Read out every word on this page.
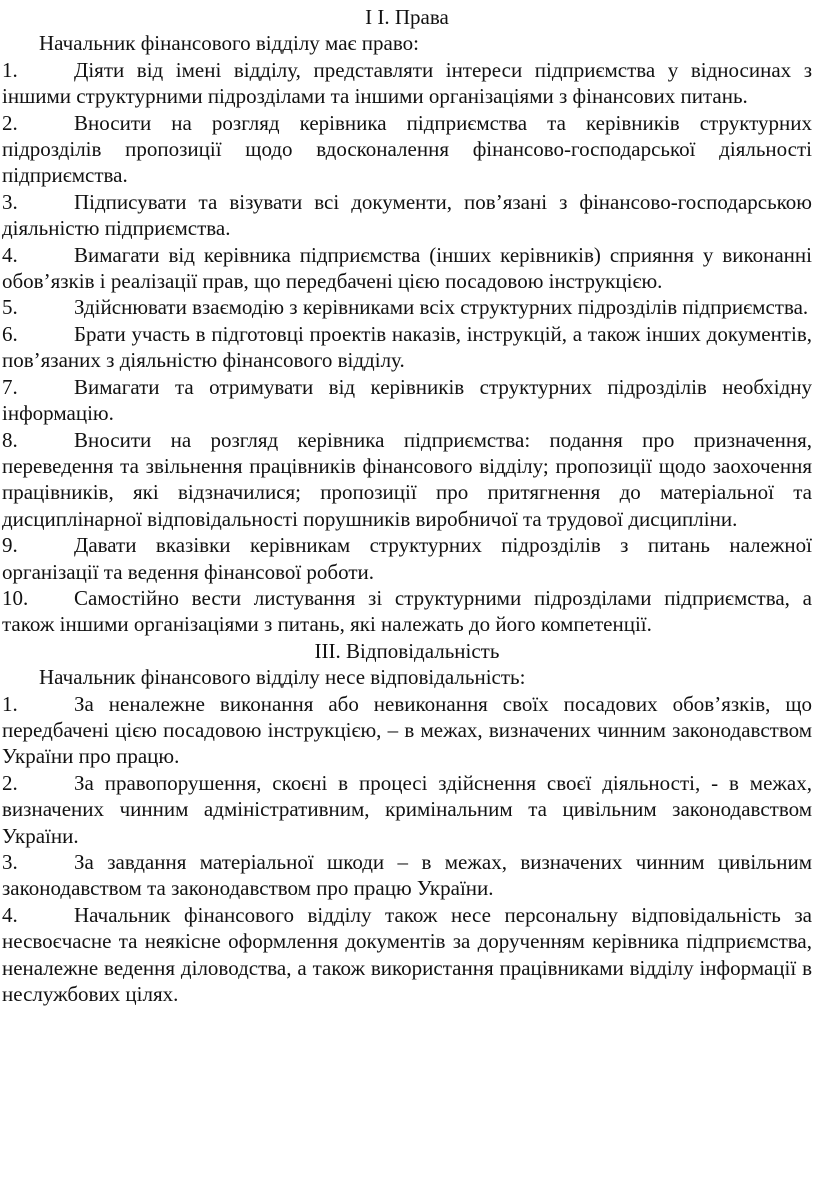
I I. Права

Начальник фінансового відділу має право:

1.	Діяти від імені відділу, представляти інтереси підприємства у відносинах з іншими структурними підрозділами та іншими організаціями з фінансових питань.

2.	Вносити на розгляд керівника підприємства та керівників структурних підрозділів пропозиції щодо вдосконалення фінансово-господарської діяльності підприємства.

3.	Підписувати та візувати всі документи, пов’язані з фінансово-господарською діяльністю підприємства.

4.	Вимагати від керівника підприємства (інших керівників) сприяння у виконанні обов’язків і реалізації прав, що передбачені цією посадовою інструкцією.

5.	Здійснювати взаємодію з керівниками всіх структурних підрозділів підприємства.

6.	Брати участь в підготовці проектів наказів, інструкцій, а також інших документів, пов’язаних з діяльністю фінансового відділу.

7.	Вимагати та отримувати від керівників структурних підрозділів необхідну інформацію.

8.	Вносити на розгляд керівника підприємства: подання про призначення, переведення та звільнення працівників фінансового відділу; пропозиції щодо заохочення працівників, які відзначилися; пропозиції про притягнення до матеріальної та дисциплінарної відповідальності порушників виробничої та трудової дисципліни.

9.	Давати вказівки керівникам структурних підрозділів з питань належної організації та ведення фінансової роботи.

10. Самостійно вести листування зі структурними підрозділами підприємства, а також іншими організаціями з питань, які належать до його компетенції.

III. Відповідальність

Начальник фінансового відділу несе відповідальність:

1.	За неналежне виконання або невиконання своїх посадових обов’язків, що передбачені цією посадовою інструкцією, – в межах, визначених чинним законодавством України про працю.

2.	За правопорушення, скоєні в процесі здійснення своєї діяльності, - в межах, визначених чинним адміністративним, кримінальним та цивільним законодавством України.

3.	За завдання матеріальної шкоди – в межах, визначених чинним цивільним законодавством та законодавством про працю України.

4.	Начальник фінансового відділу також несе персональну відповідальність за несвоєчасне та неякісне оформлення документів за дорученням керівника підприємства, неналежне ведення діловодства, а також використання працівниками відділу інформації в неслужбових цілях.
